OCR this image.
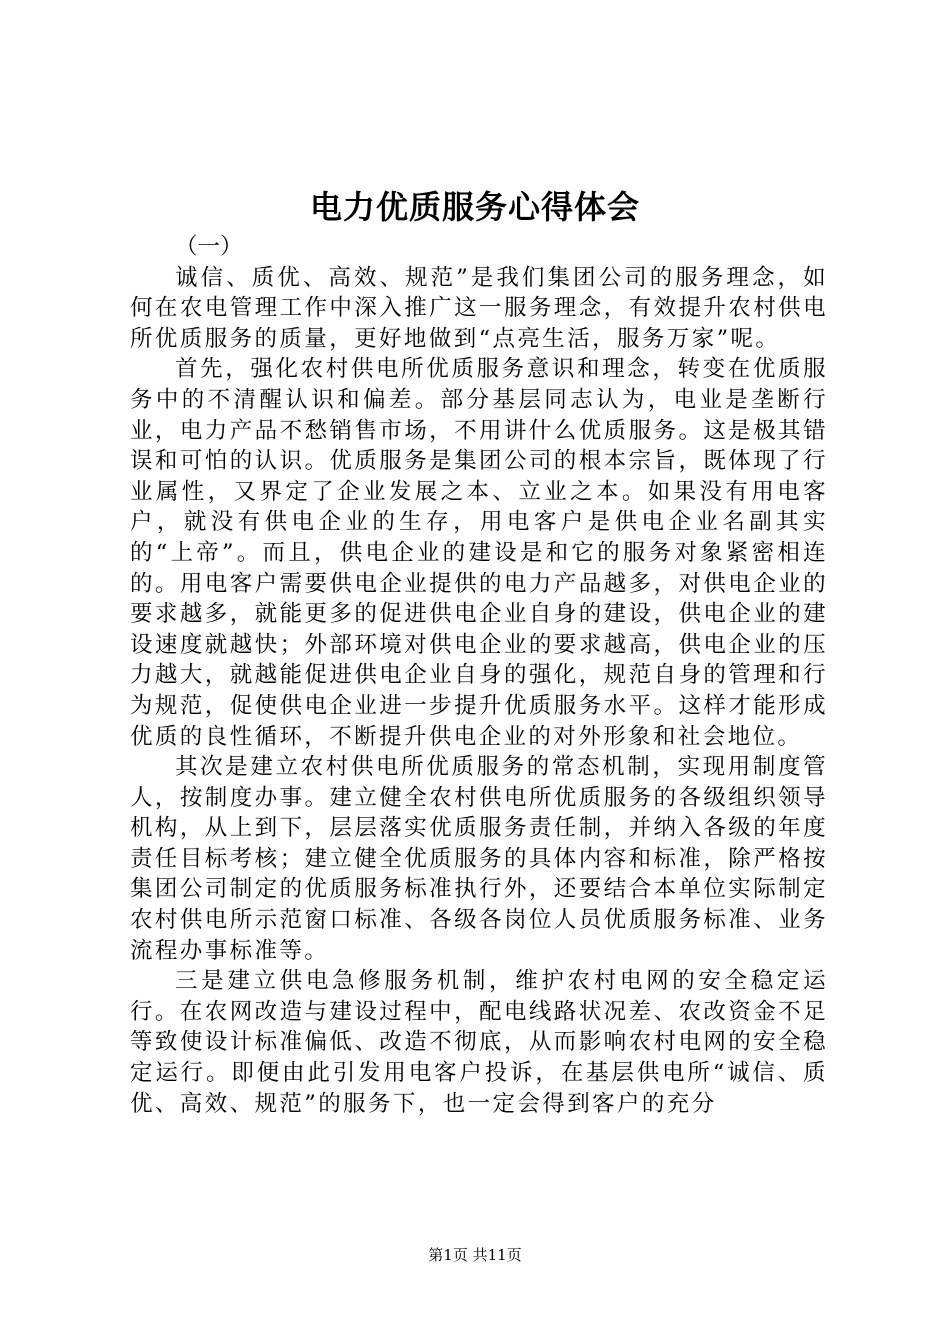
电力优质服务心得体会

（一）

诚信、质优、高效、规范”是我们集团公司的服务理念，如何在农电管理工作中深入推广这一服务理念，有效提升农村供电所优质服务的质量，更好地做到“点亮生活，服务万家”呢。

首先，强化农村供电所优质服务意识和理念，转变在优质服务中的不清醒认识和偏差。部分基层同志认为，电业是垄断行业，电力产品不愁销售市场，不用讲什么优质服务。这是极其错误和可怕的认识。优质服务是集团公司的根本宗旨，既体现了行业属性，又界定了企业发展之本、立业之本。如果没有用电客户，就没有供电企业的生存，用电客户是供电企业名副其实的“上帝”。而且，供电企业的建设是和它的服务对象紧密相连的。用电客户需要供电企业提供的电力产品越多，对供电企业的要求越多，就能更多的促进供电企业自身的建设，供电企业的建设速度就越快；外部环境对供电企业的要求越高，供电企业的压力越大，就越能促进供电企业自身的强化，规范自身的管理和行为规范，促使供电企业进一步提升优质服务水平。这样才能形成优质的良性循环，不断提升供电企业的对外形象和社会地位。

其次是建立农村供电所优质服务的常态机制，实现用制度管人，按制度办事。建立健全农村供电所优质服务的各级组织领导机构，从上到下，层层落实优质服务责任制，并纳入各级的年度责任目标考核；建立健全优质服务的具体内容和标准，除严格按集团公司制定的优质服务标准执行外，还要结合本单位实际制定农村供电所示范窗口标准、各级各岗位人员优质服务标准、业务流程办事标准等。

三是建立供电急修服务机制，维护农村电网的安全稳定运行。在农网改造与建设过程中，配电线路状况差、农改资金不足等致使设计标准偏低、改造不彻底，从而影响农村电网的安全稳定运行。即便由此引发用电客户投诉，在基层供电所“诚信、质优、高效、规范”的服务下，也一定会得到客户的充分

第1页 共11页
